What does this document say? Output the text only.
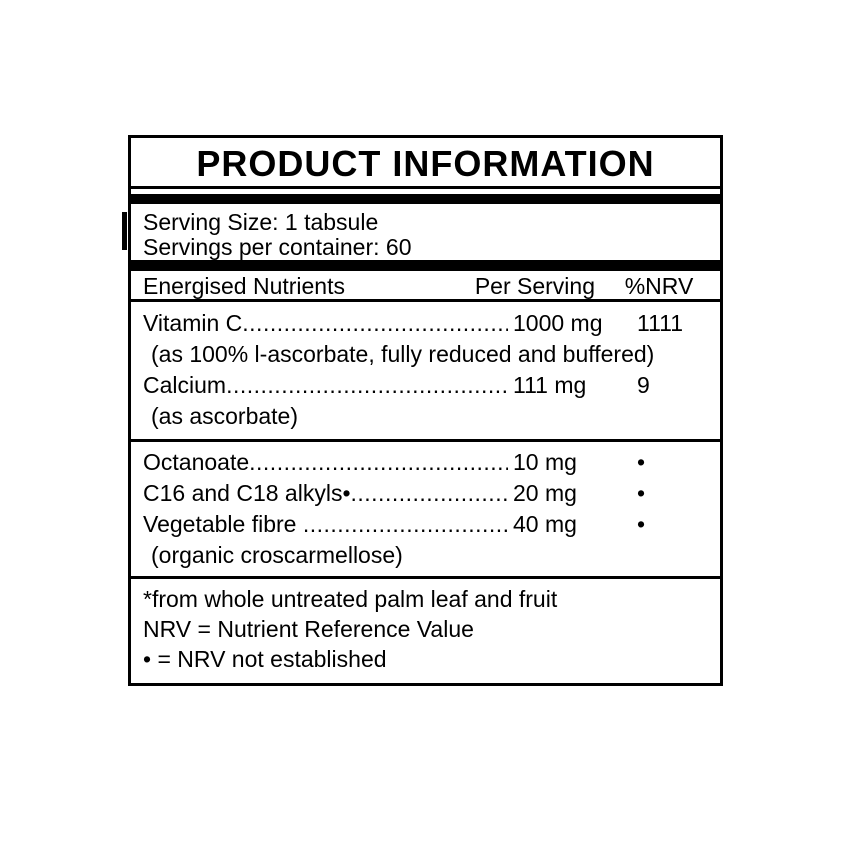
PRODUCT INFORMATION
Serving Size: 1 tabsule
Servings per container: 60
Energised Nutrients	Per Serving	%NRV
Vitamin C .....	1000 mg	1111
(as 100% l-ascorbate, fully reduced and buffered)
Calcium .....	111 mg	9
(as ascorbate)
Octanoate .....	10 mg	•
C16 and C18 alkyls• .....	20 mg	•
Vegetable fibre .....	40 mg	•
(organic croscarmellose)
*from whole untreated palm leaf and fruit
NRV = Nutrient Reference Value
• = NRV not established
